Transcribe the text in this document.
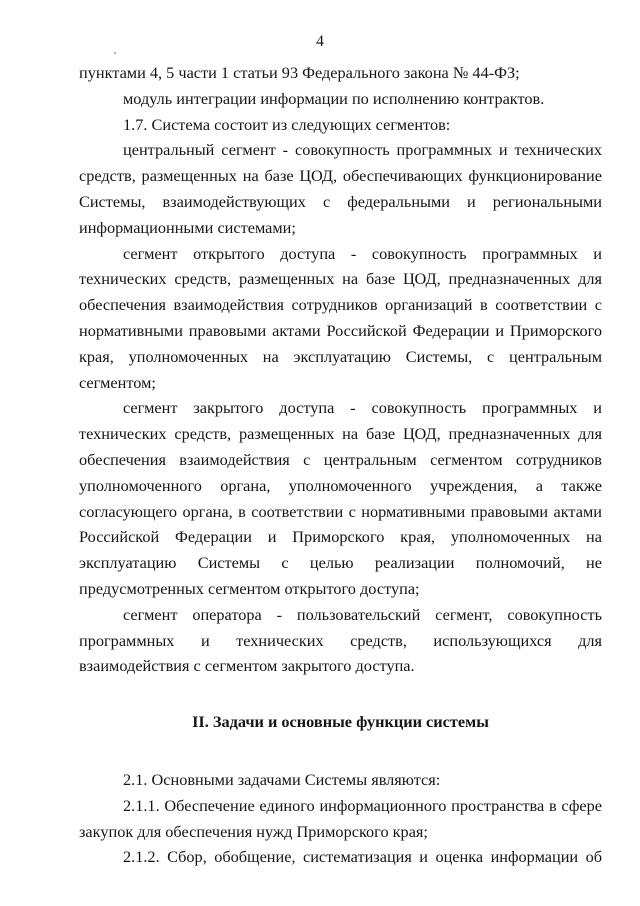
4

пунктами 4, 5 части 1 статьи 93 Федерального закона № 44-ФЗ;

модуль интеграции информации по исполнению контрактов.

1.7. Система состоит из следующих сегментов:

центральный сегмент - совокупность программных и технических средств, размещенных на базе ЦОД, обеспечивающих функционирование Системы, взаимодействующих с федеральными и региональными информационными системами;

сегмент открытого доступа - совокупность программных и технических средств, размещенных на базе ЦОД, предназначенных для обеспечения взаимодействия сотрудников организаций в соответствии с нормативными правовыми актами Российской Федерации и Приморского края, уполномоченных на эксплуатацию Системы, с центральным сегментом;

сегмент закрытого доступа - совокупность программных и технических средств, размещенных на базе ЦОД, предназначенных для обеспечения взаимодействия с центральным сегментом сотрудников уполномоченного органа, уполномоченного учреждения, а также согласующего органа, в соответствии с нормативными правовыми актами Российской Федерации и Приморского края, уполномоченных на эксплуатацию Системы с целью реализации полномочий, не предусмотренных сегментом открытого доступа;

сегмент оператора - пользовательский сегмент, совокупность программных и технических средств, использующихся для взаимодействия с сегментом закрытого доступа.

II. Задачи и основные функции системы

2.1. Основными задачами Системы являются:

2.1.1. Обеспечение единого информационного пространства в сфере закупок для обеспечения нужд Приморского края;

2.1.2. Сбор, обобщение, систематизация и оценка информации об
